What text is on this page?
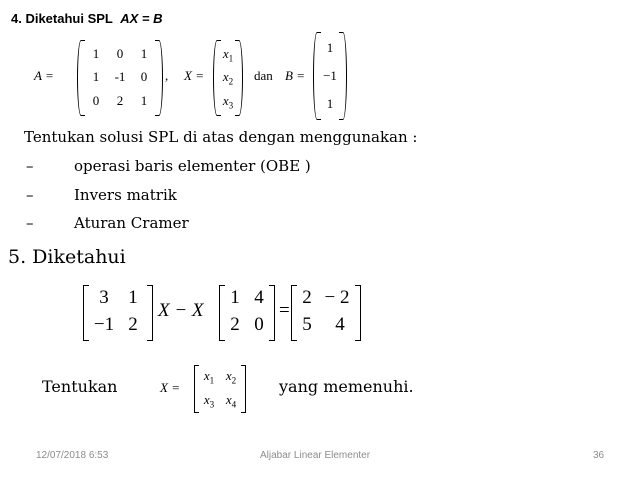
4. Diketahui SPL AX = B
A =
1	0	1
1	-1	0
0	2	1
, X =
$x_1$
$x_2$
$x_3$
dan B =
1
−1
1
Tentukan solusi SPL di atas dengan menggunakan :
–	operasi baris elementer (OBE )
–	Invers matrik
–	Aturan Cramer
5. Diketahui
3	1
−1 2
X − X
1 4
2 0
=
2 − 2
5	4
Tentukan	X =
$x_1$ $x_2$
$x_3$ $x_4$
yang memenuhi.
12/07/2018 6:53	Aljabar Linear Elementer	36
